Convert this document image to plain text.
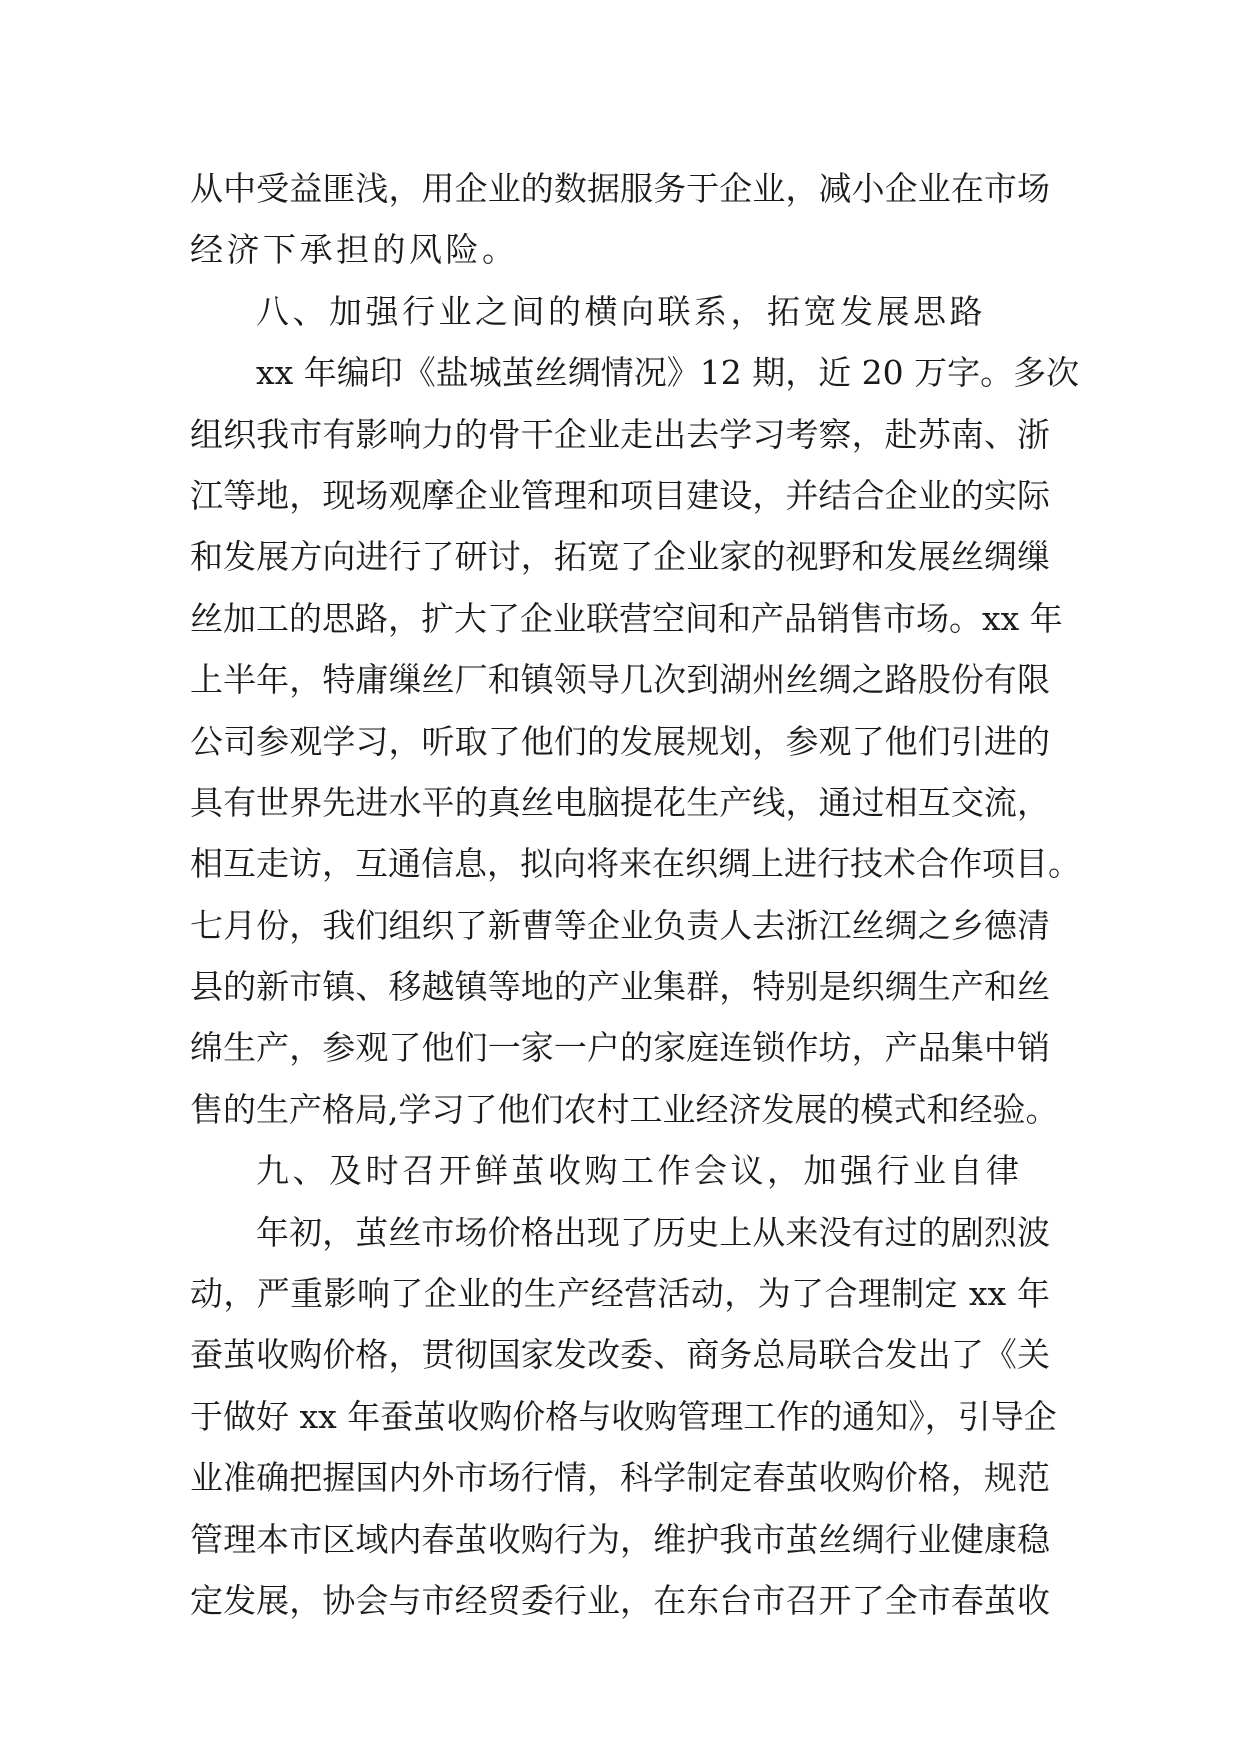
从中受益匪浅，用企业的数据服务于企业，减小企业在市场
经济下承担的风险。
八、加强行业之间的横向联系，拓宽发展思路
xx 年编印《盐城茧丝绸情况》12 期，近 20 万字。多次
组织我市有影响力的骨干企业走出去学习考察，赴苏南、浙
江等地，现场观摩企业管理和项目建设，并结合企业的实际
和发展方向进行了研讨，拓宽了企业家的视野和发展丝绸缫
丝加工的思路，扩大了企业联营空间和产品销售市场。xx 年
上半年，特庸缫丝厂和镇领导几次到湖州丝绸之路股份有限
公司参观学习，听取了他们的发展规划，参观了他们引进的
具有世界先进水平的真丝电脑提花生产线，通过相互交流，
相互走访，互通信息，拟向将来在织绸上进行技术合作项目。
七月份，我们组织了新曹等企业负责人去浙江丝绸之乡德清
县的新市镇、移越镇等地的产业集群，特别是织绸生产和丝
绵生产，参观了他们一家一户的家庭连锁作坊，产品集中销
售的生产格局,学习了他们农村工业经济发展的模式和经验。
九、及时召开鲜茧收购工作会议，加强行业自律
年初，茧丝市场价格出现了历史上从来没有过的剧烈波
动，严重影响了企业的生产经营活动，为了合理制定 xx 年
蚕茧收购价格，贯彻国家发改委、商务总局联合发出了《关
于做好 xx 年蚕茧收购价格与收购管理工作的通知》，引导企
业准确把握国内外市场行情，科学制定春茧收购价格，规范
管理本市区域内春茧收购行为，维护我市茧丝绸行业健康稳
定发展，协会与市经贸委行业，在东台市召开了全市春茧收
